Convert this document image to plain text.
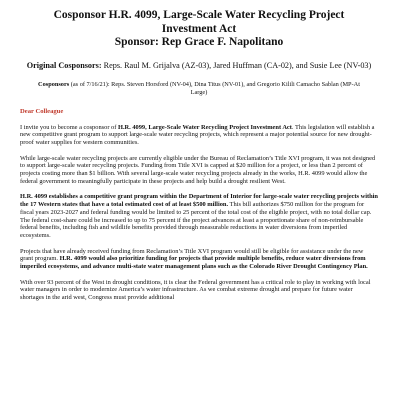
Cosponsor H.R. 4099, Large-Scale Water Recycling Project
Investment Act
Sponsor: Rep Grace F. Napolitano
Original Cosponsors: Reps. Raul M. Grijalva (AZ-03), Jared Huffman (CA-02), and Susie Lee (NV-03)
Cosponsors (as of 7/16/21): Reps. Steven Horsford (NV-04), Dina Titus (NV-01), and Gregorio Kilili Camacho Sablan (MP-At Large)
Dear Colleague

I invite you to become a cosponsor of H.R. 4099, Large-Scale Water Recycling Project Investment Act. This legislation will establish a new competitive grant program to support large-scale water recycling projects, which represent a major potential source for new drought-proof water supplies for western communities.

While large-scale water recycling projects are currently eligible under the Bureau of Reclamation’s Title XVI program, it was not designed to support large-scale water recycling projects. Funding from Title XVI is capped at $20 million for a project, or less than 2 percent of projects costing more than $1 billion. With several large-scale water recycling projects already in the works, H.R. 4099 would allow the federal government to meaningfully participate in these projects and help build a drought resilient West.

H.R. 4099 establishes a competitive grant program within the Department of Interior for large-scale water recycling projects within the 17 Western states that have a total estimated cost of at least $500 million. This bill authorizes $750 million for the program for fiscal years 2023-2027 and federal funding would be limited to 25 percent of the total cost of the eligible project, with no total dollar cap. The federal cost-share could be increased to up to 75 percent if the project advances at least a proportionate share of non-reimbursable federal benefits, including fish and wildlife benefits provided through measurable reductions in water diversions from imperiled ecosystems.

Projects that have already received funding from Reclamation’s Title XVI program would still be eligible for assistance under the new grant program. H.R. 4099 would also prioritize funding for projects that provide multiple benefits, reduce water diversions from imperiled ecosystems, and advance multi-state water management plans such as the Colorado River Drought Contingency Plan.

With over 93 percent of the West in drought conditions, it is clear the Federal government has a critical role to play in working with local water managers in order to modernize America’s water infrastructure. As we combat extreme drought and prepare for future water shortages in the arid west, Congress must provide additional
